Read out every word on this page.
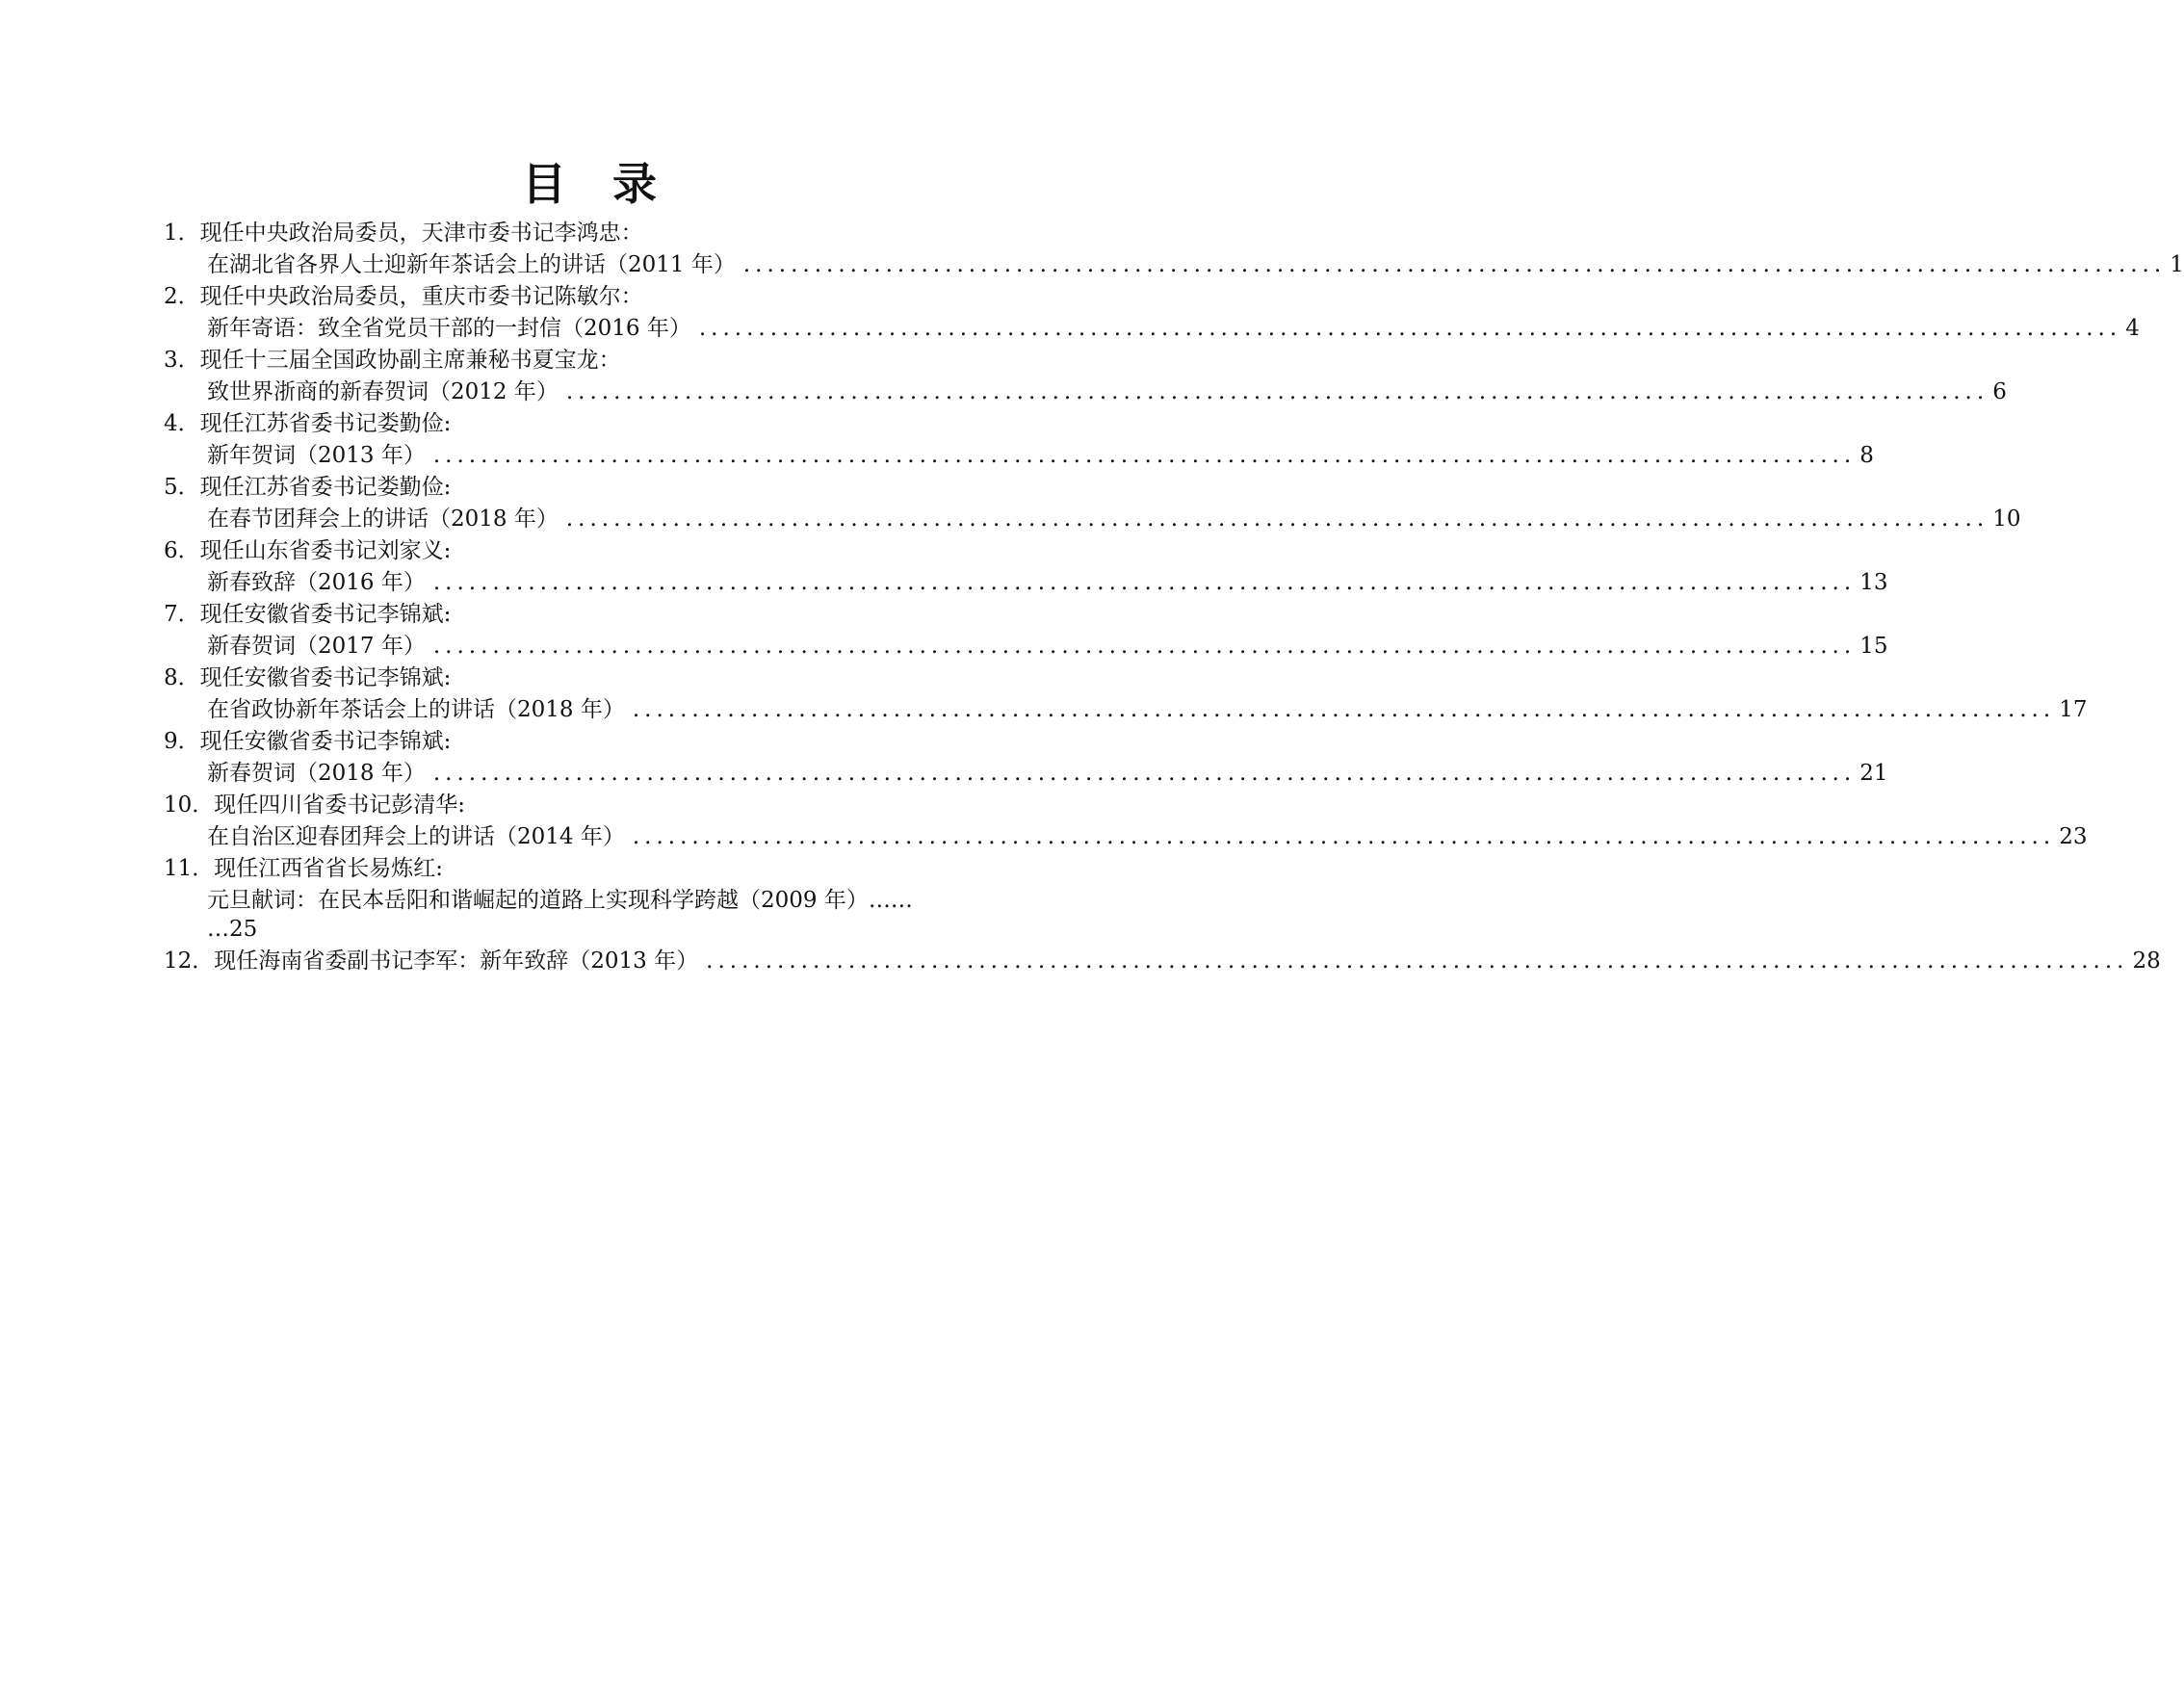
目 录
1．现任中央政治局委员，天津市委书记李鸿忠：
在湖北省各界人士迎新年茶话会上的讲话（2011 年） ........................................................................................................................ 1
2．现任中央政治局委员，重庆市委书记陈敏尔：
新年寄语：致全省党员干部的一封信（2016 年） ........................................................................................................................ 4
3．现任十三届全国政协副主席兼秘书夏宝龙：
致世界浙商的新春贺词（2012 年） ........................................................................................................................ 6
4．现任江苏省委书记娄勤俭:
新年贺词（2013 年） ........................................................................................................................ 8
5．现任江苏省委书记娄勤俭:
在春节团拜会上的讲话（2018 年） ........................................................................................................................ 10
6．现任山东省委书记刘家义:
新春致辞（2016 年） ........................................................................................................................ 13
7．现任安徽省委书记李锦斌:
新春贺词（2017 年） ........................................................................................................................ 15
8．现任安徽省委书记李锦斌:
在省政协新年茶话会上的讲话（2018 年） ........................................................................................................................ 17
9．现任安徽省委书记李锦斌:
新春贺词（2018 年） ........................................................................................................................ 21
10．现任四川省委书记彭清华:
在自治区迎春团拜会上的讲话（2014 年） ........................................................................................................................ 23
11．现任江西省省长易炼红:
元旦献词：在民本岳阳和谐崛起的道路上实现科学跨越（2009 年）……
…25
12． 现任海南省委副书记李军：新年致辞（2013 年） ........................................................................................................................ 28
